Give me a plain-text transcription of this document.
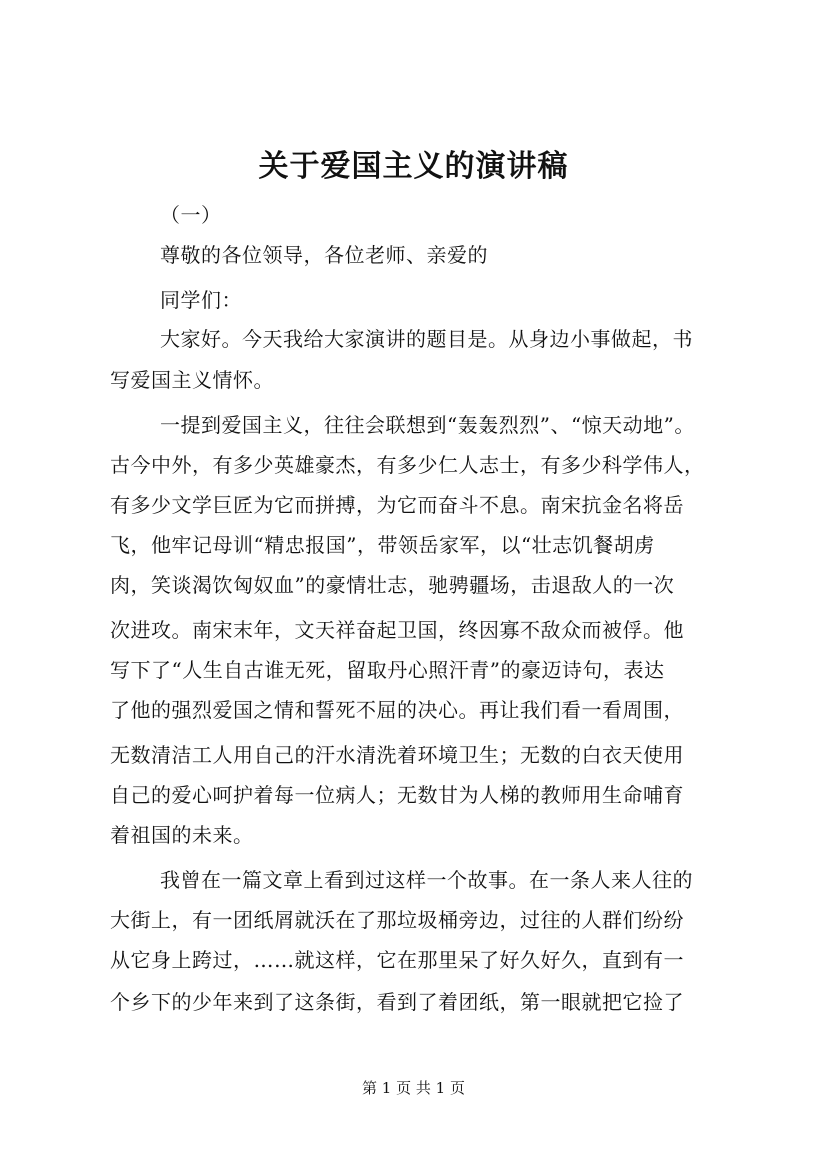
关于爱国主义的演讲稿
（一）
尊敬的各位领导，各位老师、亲爱的
同学们：
大家好。今天我给大家演讲的题目是。从身边小事做起，书
写爱国主义情怀。
一提到爱国主义，往往会联想到“轰轰烈烈”、“惊天动地”。
古今中外，有多少英雄豪杰，有多少仁人志士，有多少科学伟人，
有多少文学巨匠为它而拼搏，为它而奋斗不息。南宋抗金名将岳
飞，他牢记母训“精忠报国”，带领岳家军，以“壮志饥餐胡虏
肉，笑谈渴饮匈奴血”的豪情壮志，驰骋疆场，击退敌人的一次
次进攻。南宋末年，文天祥奋起卫国，终因寡不敌众而被俘。他
写下了“人生自古谁无死，留取丹心照汗青”的豪迈诗句，表达
了他的强烈爱国之情和誓死不屈的决心。再让我们看一看周围，
无数清洁工人用自己的汗水清洗着环境卫生；无数的白衣天使用
自己的爱心呵护着每一位病人；无数甘为人梯的教师用生命哺育
着祖国的未来。
我曾在一篇文章上看到过这样一个故事。在一条人来人往的
大街上，有一团纸屑就沃在了那垃圾桶旁边，过往的人群们纷纷
从它身上跨过，……就这样，它在那里呆了好久好久，直到有一
个乡下的少年来到了这条街，看到了着团纸，第一眼就把它捡了
第 1 页 共 1 页
